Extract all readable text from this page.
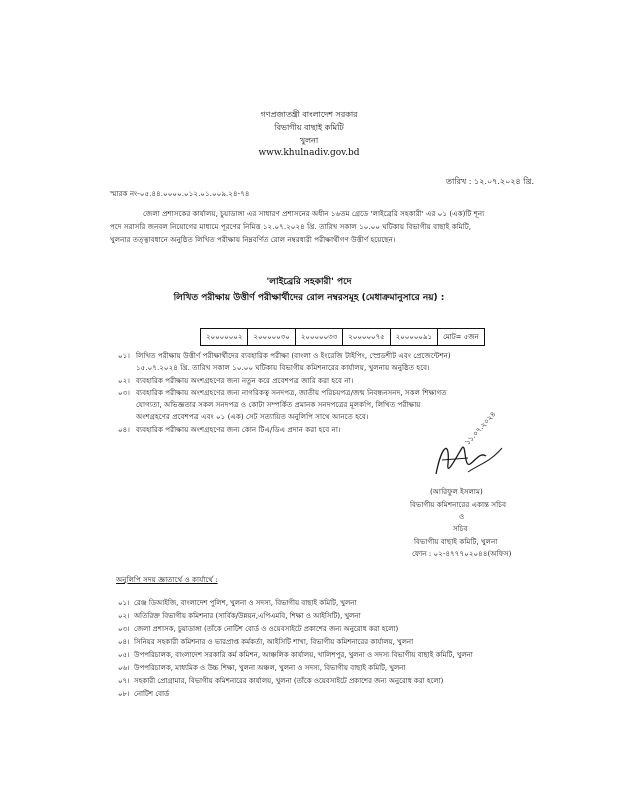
গণপ্রজাতন্ত্রী বাংলাদেশ সরকার
বিভাগীয় বাছাই কমিটি
খুলনা
www.khulnadiv.gov.bd
স্মারক নং-০৫.৪৪.০০০০.০১২.০১.০০৯.২৪-৭৪
তারিখ : ১২.০৭.২০২৪ খ্রি.
জেলা প্রশাসকের কার্যালয়, চুয়াডাঙ্গা এর সাধারণ প্রশাসনের অধীন ১৬তম গ্রেডে 'লাইব্রেরি সহকারী' এর ০১ (এক)টি শূন্য
পদে সরাসরি জনবল নিয়োগের মাধ্যমে পূরণের নিমিত্ত ১২.০৭.২০২৪ খ্রি. তারিখ সকাল ১০.০০ ঘটিকায় বিভাগীয় বাছাই কমিটি,
খুলনার তত্ত্বাবধানে অনুষ্ঠিত লিখিত পরীক্ষায় নিম্নবর্ণিত রোল নম্বরধারী পরীক্ষার্থীগণ উত্তীর্ণ হয়েছেন।
'লাইব্রেরি সহকারী' পদে
লিখিত পরীক্ষায় উত্তীর্ণ পরীক্ষার্থীদের রোল নম্বরসমূহ (মেধাক্রমানুসারে নয়) :
২০০০০০০২	২০০০০০৩০	২০০০০০৩৩	২০০০০০৭৫	২০০০০০৯১	মোট= ৫জন
০১। লিখিত পরীক্ষায় উত্তীর্ণ পরীক্ষার্থীদের ব্যবহারিক পরীক্ষা (বাংলা ও ইংরেজি টাইপিং, স্প্রেডশীট এবং প্রেজেন্টেশন)
১৫.০৭.২০২৪ খ্রি. তারিখ সকাল ১০.০০ ঘটিকায় বিভাগীয় কমিশনারের কার্যালয়, খুলনায় অনুষ্ঠিত হবে।
০২। ব্যবহারিক পরীক্ষায় অংশগ্রহণের জন্য নতুন করে প্রবেশপত্র জারি করা হবে না।
০৩। ব্যবহারিক পরীক্ষায় অংশগ্রহণের জন্য নাগরিকত্ব সনদপত্র, জাতীয় পরিচয়পত্র/জন্ম নিবন্ধনসনদ, সকল শিক্ষাগত
যোগ্যতা, অভিজ্ঞতার সকল সনদপত্র ও কোটা সম্পর্কিত প্রমানক সনদপত্রের মূলকপি, লিখিত পরীক্ষায়
অংশগ্রহণের প্রবেশপত্র এবং ০১ (এক) সেট সত্যায়িত অনুলিপি সাথে আনতে হবে।
০৪। ব্যবহারিক পরীক্ষায় অংশগ্রহণের জন্য কোন টিএ/ডিএ প্রদান করা হবে না।	১১.০৭.২০২৪
(আরিফুল ইসলাম)
বিভাগীয় কমিশনারের একান্ত সচিব
ও
সচিব
বিভাগীয় বাছাই কমিটি, খুলনা
ফোন : ০২-৪৭৭৭০২০৪৪(অফিস)
অনুলিপি সদয় জ্ঞাতার্থে ও কার্যার্থে :
০১। রেঞ্জ ডিআইজি, বাংলাদেশ পুলিশ, খুলনা ও সদস্য, বিভাগীয় বাছাই কমিটি, খুলনা
০২। অতিরিক্ত বিভাগীয় কমিশনার (সার্বিক/উন্নয়ন,এপিএমবি, শিক্ষা ও আইসিটি), খুলনা
০৩। জেলা প্রশাসক, চুয়াডাঙ্গা (তাঁকে নোটিশ বোর্ড ও ওয়েবসাইটে প্রকাশের জন্য অনুরোধ করা হলো)
০৪। সিনিয়র সহকারী কমিশনার ও ভারপ্রাপ্ত কর্মকর্তা, আইসিটি শাখা, বিভাগীয় কমিশনারের কার্যালয়, খুলনা
০৫। উপপরিচালক, বাংলাদেশ সরকারি কর্ম কমিশন, আঞ্চলিক কার্যালয়, খালিশপুর, খুলনা ও সদস্য বিভাগীয় বাছাই কমিটি, খুলনা
০৬। উপপরিচালক, মাধ্যমিক ও উচ্চ শিক্ষা, খুলনা অঞ্চল, খুলনা ও সদস্য, বিভাগীয় বাছাই কমিটি, খুলনা
০৭। সহকারী প্রোগ্রামার, বিভাগীয় কমিশনারের কার্যালয়, খুলনা (তাঁকে ওয়েবসাইটে প্রকাশের জন্য অনুরোধ করা হলো)
০৮। নোটিশ বোর্ড
